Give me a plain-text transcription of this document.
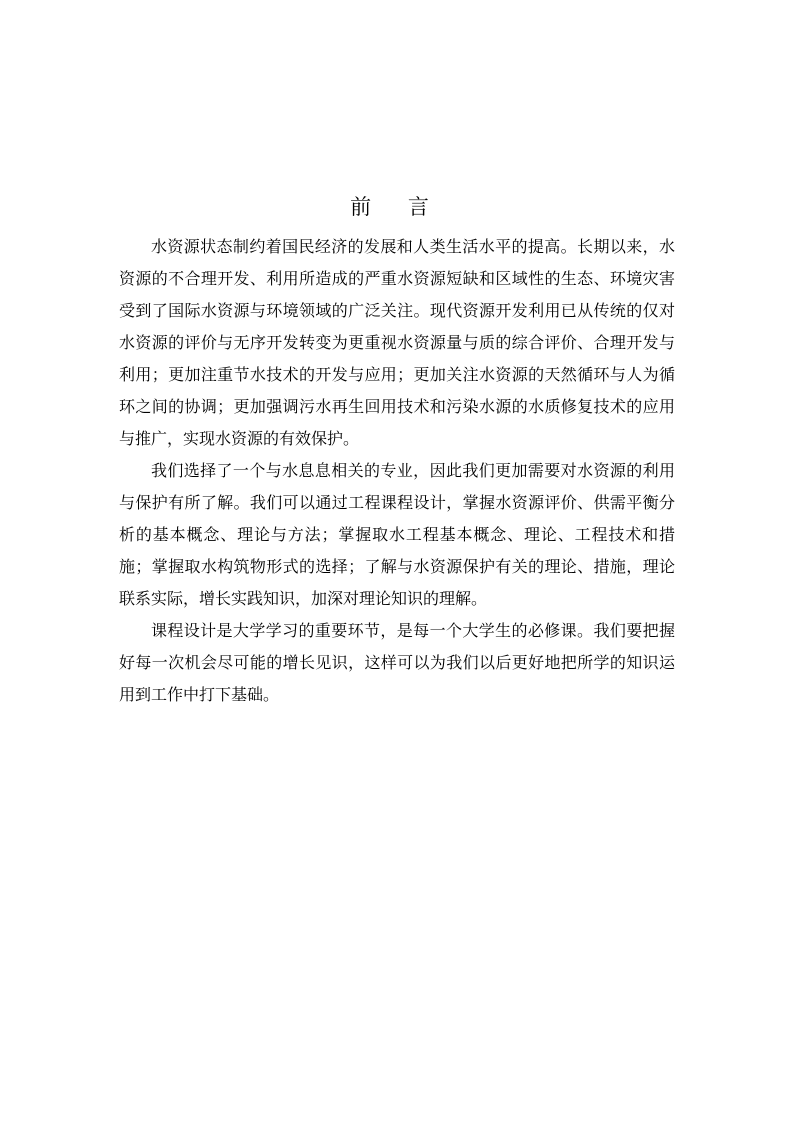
前 言

水资源状态制约着国民经济的发展和人类生活水平的提高。长期以来，水资源的不合理开发、利用所造成的严重水资源短缺和区域性的生态、环境灾害受到了国际水资源与环境领域的广泛关注。现代资源开发利用已从传统的仅对水资源的评价与无序开发转变为更重视水资源量与质的综合评价、合理开发与利用；更加注重节水技术的开发与应用；更加关注水资源的天然循环与人为循环之间的协调；更加强调污水再生回用技术和污染水源的水质修复技术的应用与推广，实现水资源的有效保护。

我们选择了一个与水息息相关的专业，因此我们更加需要对水资源的利用与保护有所了解。我们可以通过工程课程设计，掌握水资源评价、供需平衡分析的基本概念、理论与方法；掌握取水工程基本概念、理论、工程技术和措施；掌握取水构筑物形式的选择；了解与水资源保护有关的理论、措施，理论联系实际，增长实践知识，加深对理论知识的理解。

课程设计是大学学习的重要环节，是每一个大学生的必修课。我们要把握好每一次机会尽可能的增长见识，这样可以为我们以后更好地把所学的知识运用到工作中打下基础。
